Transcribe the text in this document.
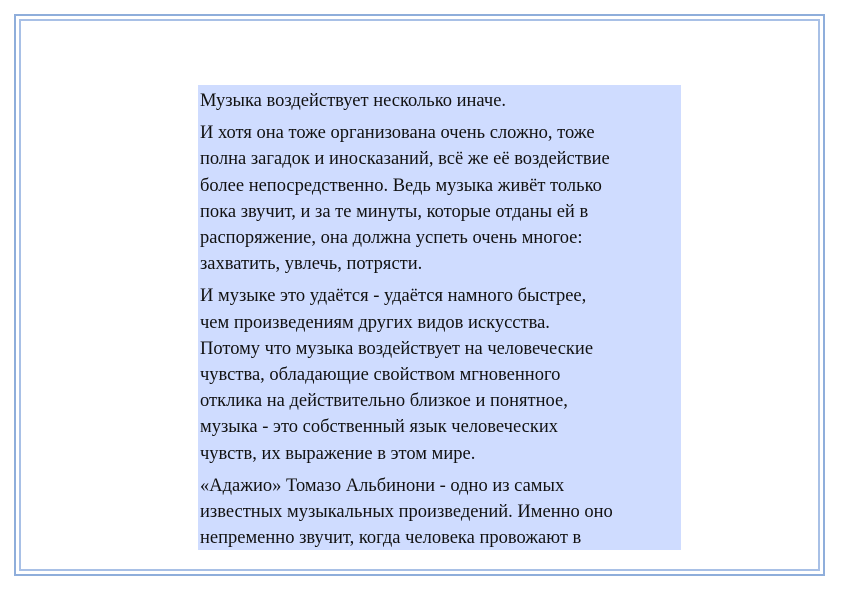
Музыка воздействует несколько иначе.

И хотя она тоже организована очень сложно, тоже
полна загадок и иносказаний, всё же её воздействие
более непосредственно. Ведь музыка живёт только
пока звучит, и за те минуты, которые отданы ей в
распоряжение, она должна успеть очень многое:
захватить, увлечь, потрясти.

И музыке это удаётся - удаётся намного быстрее,
чем произведениям других видов искусства.
Потому что музыка воздействует на человеческие
чувства, обладающие свойством мгновенного
отклика на действительно близкое и понятное,
музыка - это собственный язык человеческих
чувств, их выражение в этом мире.

«Адажио» Томазо Альбинони - одно из самых
известных музыкальных произведений. Именно оно
непременно звучит, когда человека провожают в
